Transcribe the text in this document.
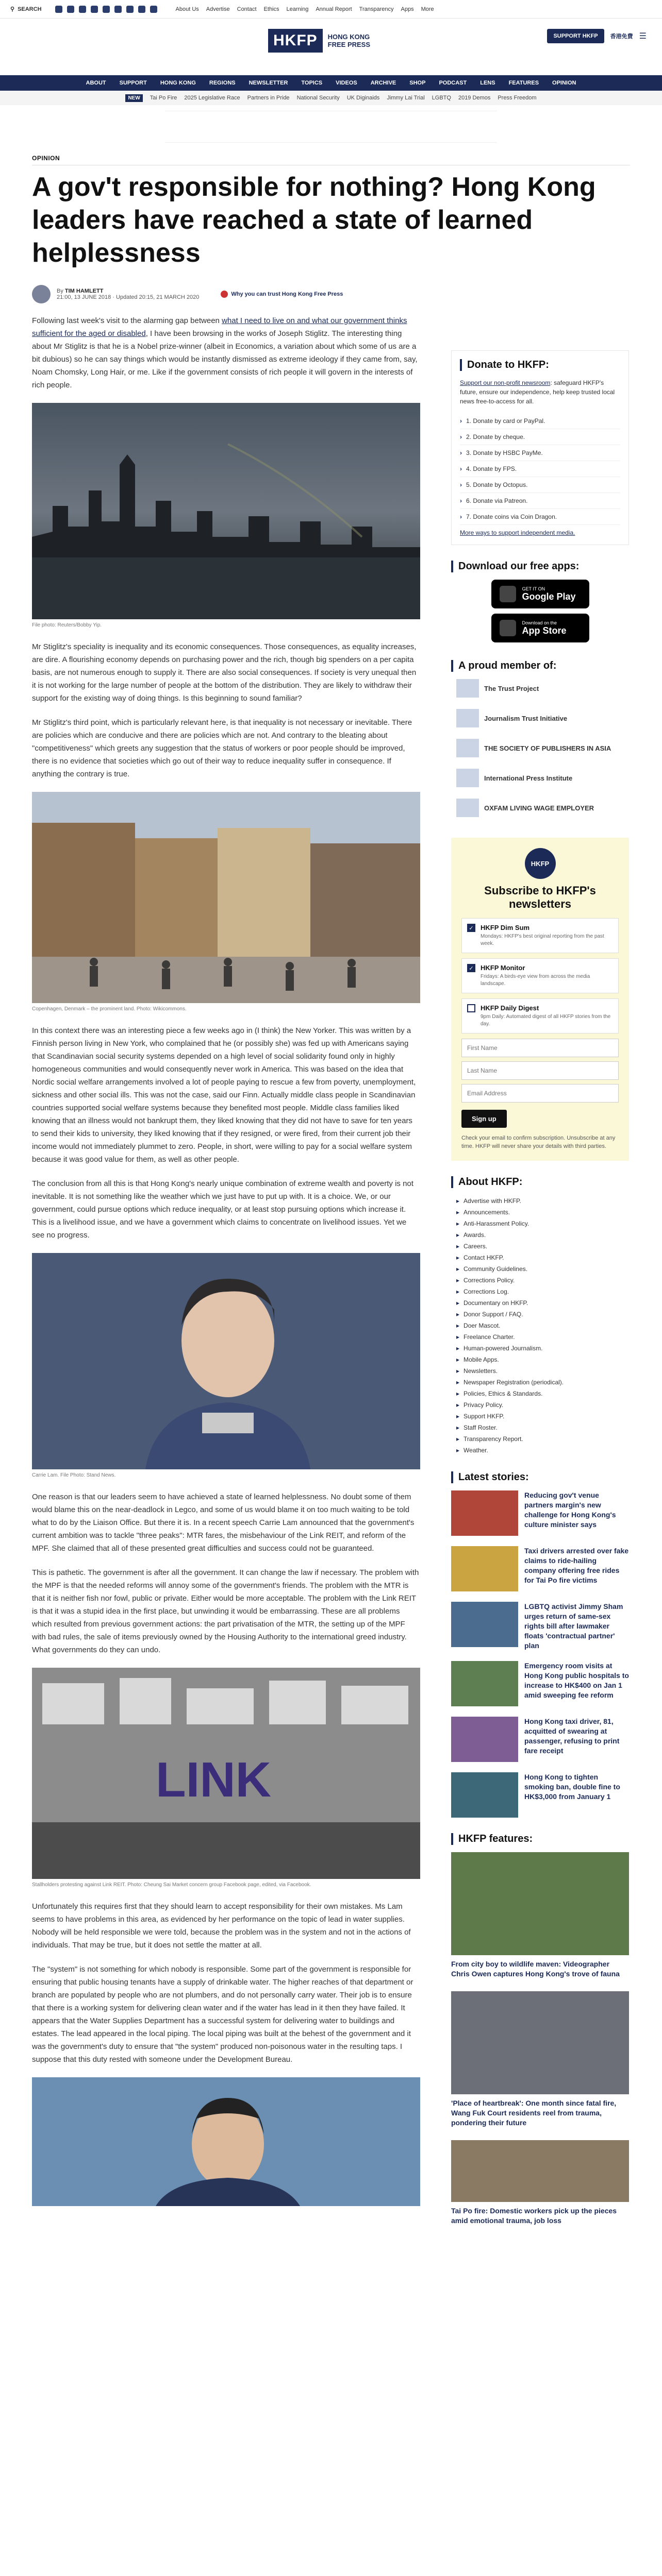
⚲ SEARCH	About Us Advertise Contact Ethics Learning Annual Report Transparency Apps More
HKFP	HONG KONG
FREE PRESS
SUPPORT HKFP	香港免費 ☰
ABOUT SUPPORT HONG KONG REGIONS NEWSLETTER TOPICS VIDEOS ARCHIVE SHOP PODCAST LENS FEATURES OPINION
NEW	Tai Po Fire 2025 Legislative Race Partners in Pride National Security UK Diginaids Jimmy Lai Trial LGBTQ 2019 Demos Press Freedom
OPINION
A gov't responsible for nothing? Hong Kong leaders have reached a state of learned helplessness
By TIM HAMLETT
21:00, 13 JUNE 2018 · Updated 20:15, 21 MARCH 2020	Why you can trust Hong Kong Free Press

Following last week's visit to the alarming gap between what I need to live on and what our government thinks sufficient for the aged or disabled, I have been browsing in the works of Joseph Stiglitz. The interesting thing about Mr Stiglitz is that he is a Nobel prize-winner (albeit in Economics, a variation about which some of us are a bit dubious) so he can say things which would be instantly dismissed as extreme ideology if they came from, say, Noam Chomsky, Long Hair, or me. Like if the government consists of rich people it will govern in the interests of rich people.

File photo: Reuters/Bobby Yip.

Mr Stiglitz's speciality is inequality and its economic consequences. Those consequences, as equality increases, are dire. A flourishing economy depends on purchasing power and the rich, though big spenders on a per capita basis, are not numerous enough to supply it. There are also social consequences. If society is very unequal then it is not working for the large number of people at the bottom of the distribution. They are likely to withdraw their support for the existing way of doing things. Is this beginning to sound familiar?

Mr Stiglitz's third point, which is particularly relevant here, is that inequality is not necessary or inevitable. There are policies which are conducive and there are policies which are not. And contrary to the bleating about "competitiveness" which greets any suggestion that the status of workers or poor people should be improved, there is no evidence that societies which go out of their way to reduce inequality suffer in consequence. If anything the contrary is true.

Copenhagen, Denmark – the prominent land. Photo: Wikicommons.

In this context there was an interesting piece a few weeks ago in (I think) the New Yorker. This was written by a Finnish person living in New York, who complained that he (or possibly she) was fed up with Americans saying that Scandinavian social security systems depended on a high level of social solidarity found only in highly homogeneous communities and would consequently never work in America. This was based on the idea that Nordic social welfare arrangements involved a lot of people paying to rescue a few from poverty, unemployment, sickness and other social ills. This was not the case, said our Finn. Actually middle class people in Scandinavian countries supported social welfare systems because they benefited most people. Middle class families liked knowing that an illness would not bankrupt them, they liked knowing that they did not have to save for ten years to send their kids to university, they liked knowing that if they resigned, or were fired, from their current job their income would not immediately plummet to zero. People, in short, were willing to pay for a social welfare system because it was good value for them, as well as other people.

The conclusion from all this is that Hong Kong's nearly unique combination of extreme wealth and poverty is not inevitable. It is not something like the weather which we just have to put up with. It is a choice. We, or our government, could pursue options which reduce inequality, or at least stop pursuing options which increase it. This is a livelihood issue, and we have a government which claims to concentrate on livelihood issues. Yet we see no progress.

Carrie Lam. File Photo: Stand News.

One reason is that our leaders seem to have achieved a state of learned helplessness. No doubt some of them would blame this on the near-deadlock in Legco, and some of us would blame it on too much waiting to be told what to do by the Liaison Office. But there it is. In a recent speech Carrie Lam announced that the government's current ambition was to tackle "three peaks": MTR fares, the misbehaviour of the Link REIT, and reform of the MPF. She claimed that all of these presented great difficulties and success could not be guaranteed.

This is pathetic. The government is after all the government. It can change the law if necessary. The problem with the MPF is that the needed reforms will annoy some of the government's friends. The problem with the MTR is that it is neither fish nor fowl, public or private. Either would be more acceptable. The problem with the Link REIT is that it was a stupid idea in the first place, but unwinding it would be embarrassing. These are all problems which resulted from previous government actions: the part privatisation of the MTR, the setting up of the MPF with bad rules, the sale of items previously owned by the Housing Authority to the international greed industry. What governments do they can undo.

LINK
Stallholders protesting against Link REIT. Photo: Cheung Sai Market concern group Facebook page, edited, via Facebook.

Unfortunately this requires first that they should learn to accept responsibility for their own mistakes. Ms Lam seems to have problems in this area, as evidenced by her performance on the topic of lead in water supplies. Nobody will be held responsible we were told, because the problem was in the system and not in the actions of individuals. That may be true, but it does not settle the matter at all.

The "system" is not something for which nobody is responsible. Some part of the government is responsible for ensuring that public housing tenants have a supply of drinkable water. The higher reaches of that department or branch are populated by people who are not plumbers, and do not personally carry water. Their job is to ensure that there is a working system for delivering clean water and if the water has lead in it then they have failed. It appears that the Water Supplies Department has a successful system for delivering water to buildings and estates. The lead appeared in the local piping. The local piping was built at the behest of the government and it was the government's duty to ensure that "the system" produced non-poisonous water in the resulting taps. I suppose that this duty rested with someone under the Development Bureau.

Donate to HKFP:

Support our non-profit newsroom: safeguard HKFP's future, ensure our independence, help keep trusted local news free-to-access for all.

› 1. Donate by card or PayPal.
› 2. Donate by cheque.
› 3. Donate by HSBC PayMe.
› 4. Donate by FPS.
› 5. Donate by Octopus.
› 6. Donate via Patreon.
› 7. Donate coins via Coin Dragon.
More ways to support independent media.
Download our free apps:
GET IT ON
Google Play
Download on the
App Store
A proud member of:
The Trust Project
Journalism Trust Initiative
THE SOCIETY OF PUBLISHERS IN ASIA
International Press Institute
OXFAM LIVING WAGE EMPLOYER
HKFP
Subscribe to HKFP's newsletters
✓ HKFP Dim Sum
Mondays: HKFP's best original reporting from the past week.
✓ HKFP Monitor
Fridays: A birds-eye view from across the media landscape.
HKFP Daily Digest
9pm Daily: Automated digest of all HKFP stories from the day.
First Name Last Name Email Address Sign up
Check your email to confirm subscription. Unsubscribe at any time. HKFP will never share your details with third parties.
About HKFP:
▸ Advertise with HKFP.
▸ Announcements.
▸ Anti-Harassment Policy.
▸ Awards.
▸ Careers.
▸ Contact HKFP.
▸ Community Guidelines.
▸ Corrections Policy.
▸ Corrections Log.
▸ Documentary on HKFP.
▸ Donor Support / FAQ.
▸ Doer Mascot.
▸ Freelance Charter.
▸ Human-powered Journalism.
▸ Mobile Apps.
▸ Newsletters.
▸ Newspaper Registration (periodical).
▸ Policies, Ethics & Standards.
▸ Privacy Policy.
▸ Support HKFP.
▸ Staff Roster.
▸ Transparency Report.
▸ Weather.
Latest stories:
Reducing gov't venue partners margin's new challenge for Hong Kong's culture minister says
Taxi drivers arrested over fake claims to ride-hailing company offering free rides for Tai Po fire victims
LGBTQ activist Jimmy Sham urges return of same-sex rights bill after lawmaker floats 'contractual partner' plan
Emergency room visits at Hong Kong public hospitals to increase to HK$400 on Jan 1 amid sweeping fee reform
Hong Kong taxi driver, 81, acquitted of swearing at passenger, refusing to print fare receipt
Hong Kong to tighten smoking ban, double fine to HK$3,000 from January 1
HKFP features:
From city boy to wildlife maven: Videographer Chris Owen captures Hong Kong's trove of fauna
'Place of heartbreak': One month since fatal fire, Wang Fuk Court residents reel from trauma, pondering their future
Tai Po fire: Domestic workers pick up the pieces amid emotional trauma, job loss
